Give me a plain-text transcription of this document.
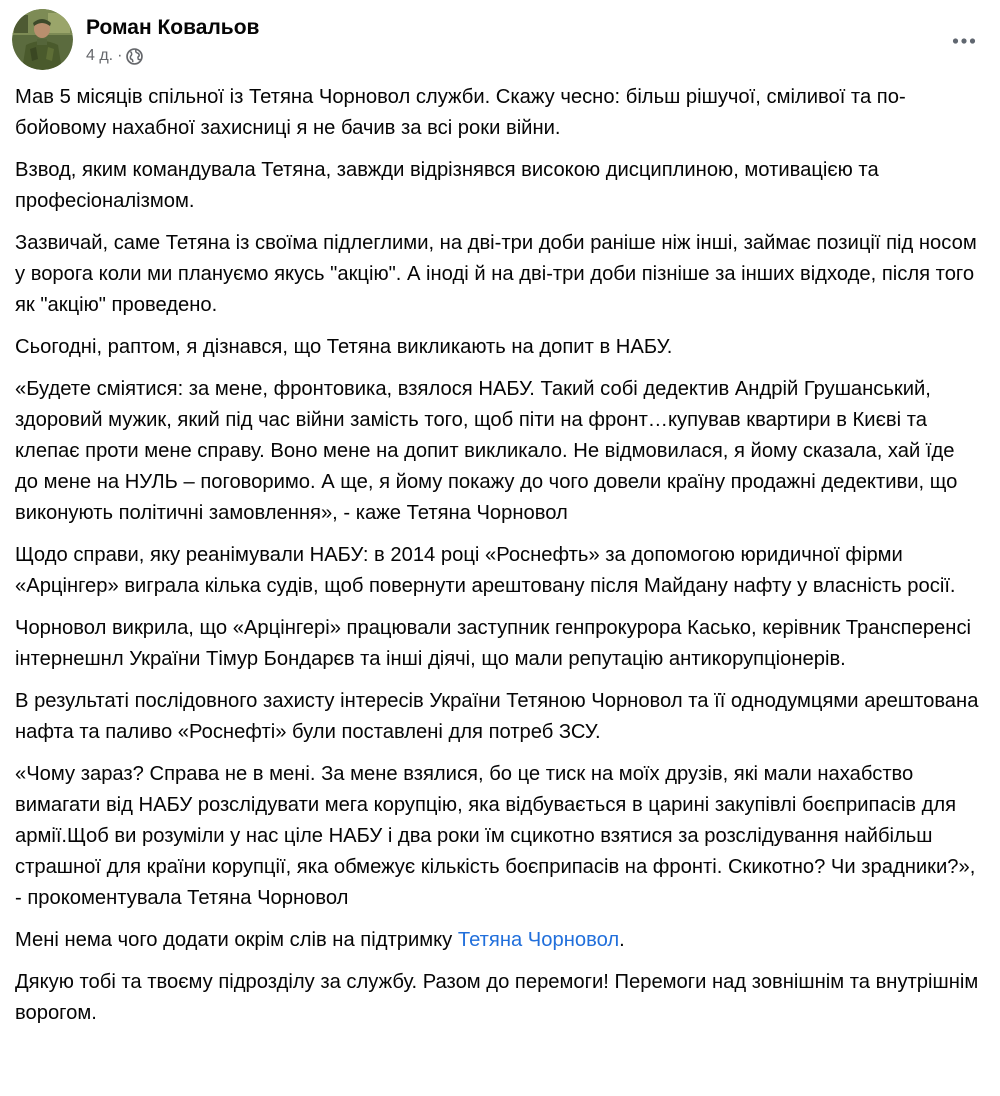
Роман Ковальов
4 д. ·

Мав 5 місяців спільної із Тетяна Чорновол служби. Скажу чесно: більш рішучої, сміливої та по-бойовому нахабної захисниці я не бачив за всі роки війни.

Взвод, яким командувала Тетяна, завжди відрізнявся високою дисциплиною, мотивацією та професіоналізмом.

Зазвичай, саме Тетяна із своїма підлеглими, на дві-три доби раніше ніж інші, займає позиції під носом у ворога коли ми плануємо якусь "акцію". А іноді й на дві-три доби пізніше за інших відходе, після того як "акцію" проведено.

Сьогодні, раптом, я дізнався, що Тетяна викликають на допит в НАБУ.

«Будете сміятися: за мене, фронтовика, взялося НАБУ. Такий собі дедектив Андрій Грушанський, здоровий мужик, який під час війни замість того, щоб піти на фронт…купував квартири в Києві та клепає проти мене справу. Воно мене на допит викликало. Не відмовилася, я йому сказала, хай їде до мене на НУЛЬ – поговоримо. А ще, я йому покажу до чого довели країну продажні дедективи, що виконують політичні замовлення», - каже Тетяна Чорновол

Щодо справи, яку реанімували НАБУ: в 2014 році «Роснефть» за допомогою юридичної фірми «Арцінгер» виграла кілька судів, щоб повернути арештовану після Майдану нафту у власність росії.

Чорновол викрила, що «Арцінгері» працювали заступник генпрокурора Касько, керівник Трансперенсі інтернешнл України Тімур Бондарєв та інші діячі, що мали репутацію антикорупціонерів.

В результаті послідовного захисту інтересів України Тетяною Чорновол та її однодумцями арештована нафта та паливо «Роснефті» були поставлені для потреб ЗСУ.

«Чому зараз? Справа не в мені. За мене взялися, бо це тиск на моїх друзів, які мали нахабство вимагати від НАБУ розслідувати мега корупцію, яка відбувається в царині закупівлі боєприпасів для армії.Щоб ви розуміли у нас ціле НАБУ і два роки їм сцикотно взятися за розслідування найбільш страшної для країни корупції, яка обмежує кількість боєприпасів на фронті. Скикотно? Чи зрадники?», - прокоментувала Тетяна Чорновол

Мені нема чого додати окрім слів на підтримку Тетяна Чорновол.

Дякую тобі та твоєму підрозділу за службу. Разом до перемоги! Перемоги над зовнішнім та внутрішнім ворогом.
